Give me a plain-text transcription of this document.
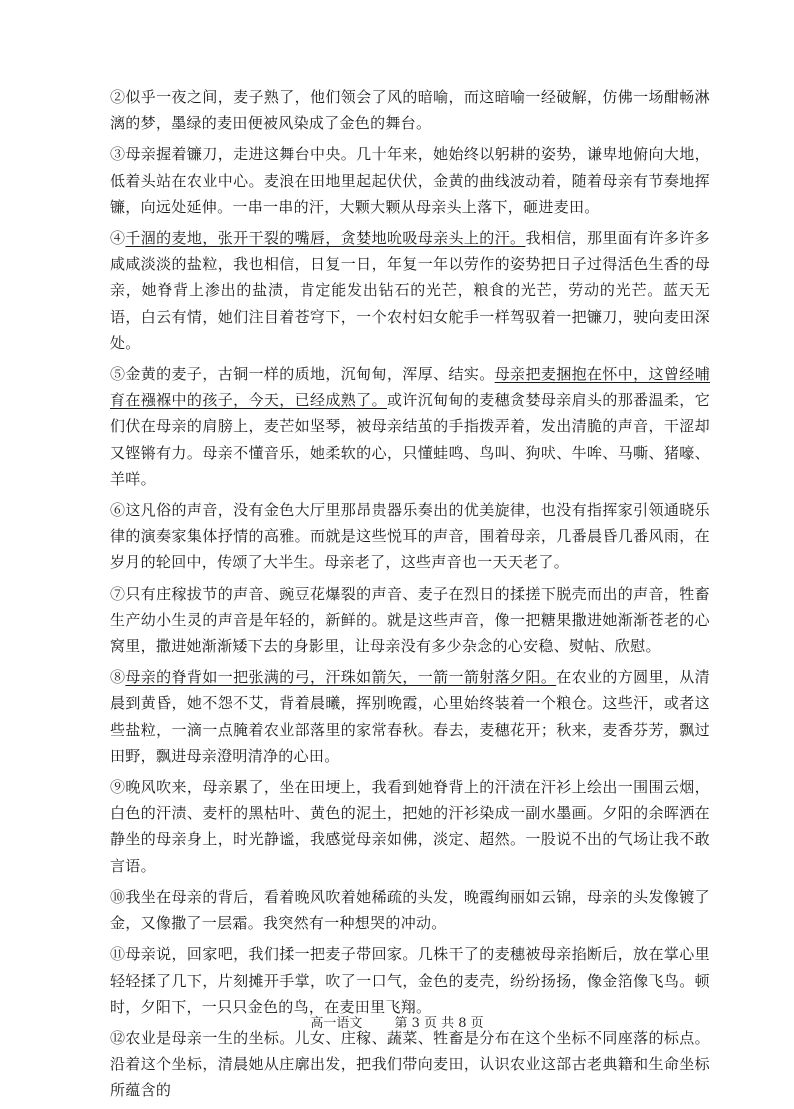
②似乎一夜之间，麦子熟了，他们领会了风的暗喻，而这暗喻一经破解，仿佛一场酣畅淋漓的梦，墨绿的麦田便被风染成了金色的舞台。

③母亲握着镰刀，走进这舞台中央。几十年来，她始终以躬耕的姿势，谦卑地俯向大地，低着头站在农业中心。麦浪在田地里起起伏伏，金黄的曲线波动着，随着母亲有节奏地挥镰，向远处延伸。一串一串的汗，大颗大颗从母亲头上落下，砸进麦田。

④千涸的麦地，张开干裂的嘴唇，贪婪地吮吸母亲头上的汗。我相信，那里面有许多许多咸咸淡淡的盐粒，我也相信，日复一日，年复一年以劳作的姿势把日子过得活色生香的母亲，她脊背上渗出的盐渍，肯定能发出钻石的光芒，粮食的光芒，劳动的光芒。蓝天无语，白云有情，她们注目着苍穹下，一个农村妇女舵手一样驾驭着一把镰刀，驶向麦田深处。

⑤金黄的麦子，古铜一样的质地，沉甸甸，浑厚、结实。母亲把麦捆抱在怀中，这曾经哺育在襁褓中的孩子，今天，已经成熟了。或许沉甸甸的麦穗贪婪母亲肩头的那番温柔，它们伏在母亲的肩膀上，麦芒如坚琴，被母亲结茧的手指拨弄着，发出清脆的声音，干涩却又铿锵有力。母亲不懂音乐，她柔软的心，只懂蛙鸣、鸟叫、狗吠、牛哞、马嘶、猪嚎、羊咩。

⑥这凡俗的声音，没有金色大厅里那昂贵器乐奏出的优美旋律，也没有指挥家引领通晓乐律的演奏家集体抒情的高雅。而就是这些悦耳的声音，围着母亲，几番晨昏几番风雨，在岁月的轮回中，传颂了大半生。母亲老了，这些声音也一天天老了。

⑦只有庄稼拔节的声音、豌豆花爆裂的声音、麦子在烈日的揉搓下脱壳而出的声音，牲畜生产幼小生灵的声音是年轻的，新鲜的。就是这些声音，像一把糖果撒进她渐渐苍老的心窝里，撒进她渐渐矮下去的身影里，让母亲没有多少杂念的心安稳、熨帖、欣慰。

⑧母亲的脊背如一把张满的弓，汗珠如箭矢，一箭一箭射落夕阳。在农业的方圆里，从清晨到黄昏，她不怨不艾，背着晨曦，挥别晚霞，心里始终装着一个粮仓。这些汗，或者这些盐粒，一滴一点腌着农业部落里的家常春秋。春去，麦穗花开；秋来，麦香芬芳，飘过田野，飘进母亲澄明清净的心田。

⑨晚风吹来，母亲累了，坐在田埂上，我看到她脊背上的汗渍在汗衫上绘出一围围云烟，白色的汗渍、麦杆的黑枯叶、黄色的泥土，把她的汗衫染成一副水墨画。夕阳的余晖洒在静坐的母亲身上，时光静谧，我感觉母亲如佛，淡定、超然。一股说不出的气场让我不敢言语。

⑩我坐在母亲的背后，看着晚风吹着她稀疏的头发，晚霞绚丽如云锦，母亲的头发像镀了金，又像撒了一层霜。我突然有一种想哭的冲动。

⑪母亲说，回家吧，我们揉一把麦子带回家。几株干了的麦穗被母亲掐断后，放在掌心里轻轻揉了几下，片刻摊开手掌，吹了一口气，金色的麦壳，纷纷扬扬，像金箔像飞鸟。顿时，夕阳下，一只只金色的鸟，在麦田里飞翔。

⑫农业是母亲一生的坐标。儿女、庄稼、蔬菜、牲畜是分布在这个坐标不同座落的标点。沿着这个坐标，清晨她从庄廓出发，把我们带向麦田，认识农业这部古老典籍和生命坐标所蕴含的

高一语文 第 3 页 共 8 页
